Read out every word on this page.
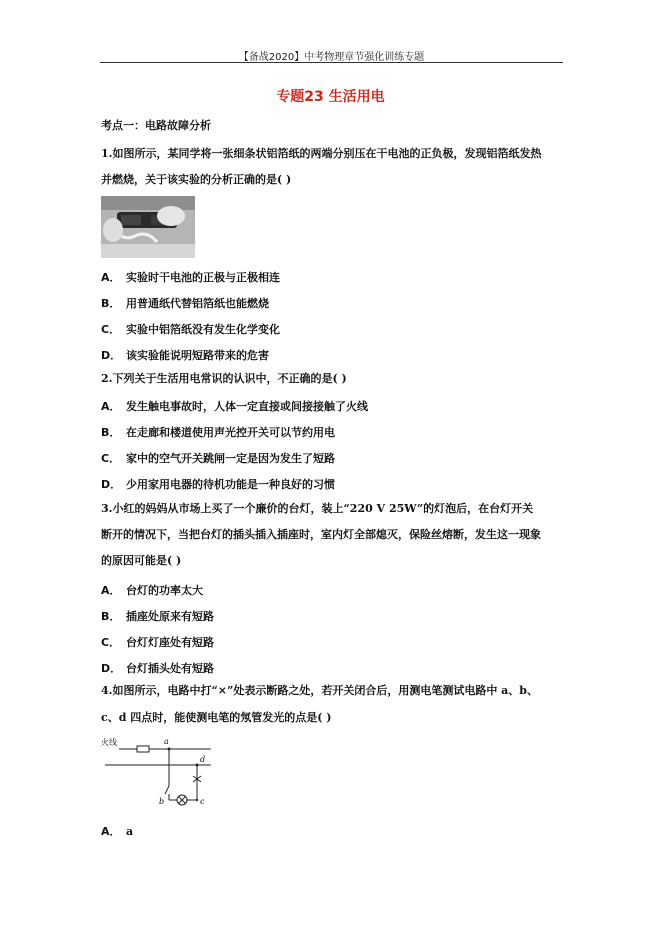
【备战2020】中考物理章节强化训练专题
专题23 生活用电
考点一：电路故障分析
1.如图所示，某同学将一张细条状铝箔纸的两端分别压在干电池的正负极，发现铝箔纸发热
并燃烧，关于该实验的分析正确的是( )
A． 实验时干电池的正极与正极相连
B． 用普通纸代替铝箔纸也能燃烧
C． 实验中铝箔纸没有发生化学变化
D． 该实验能说明短路带来的危害
2.下列关于生活用电常识的认识中，不正确的是( )
A． 发生触电事故时，人体一定直接或间接接触了火线
B． 在走廊和楼道使用声光控开关可以节约用电
C． 家中的空气开关跳闸一定是因为发生了短路
D． 少用家用电器的待机功能是一种良好的习惯
3.小红的妈妈从市场上买了一个廉价的台灯，装上“220 V 25W”的灯泡后，在台灯开关
断开的情况下，当把台灯的插头插入插座时，室内灯全部熄灭，保险丝熔断，发生这一现象
的原因可能是( )
A． 台灯的功率太大
B． 插座处原来有短路
C． 台灯灯座处有短路
D． 台灯插头处有短路
4.如图所示，电路中打“×”处表示断路之处，若开关闭合后，用测电笔测试电路中 a、b、
c、d 四点时，能使测电笔的氖管发光的点是( )
火线	a
b	c
d
A． a
